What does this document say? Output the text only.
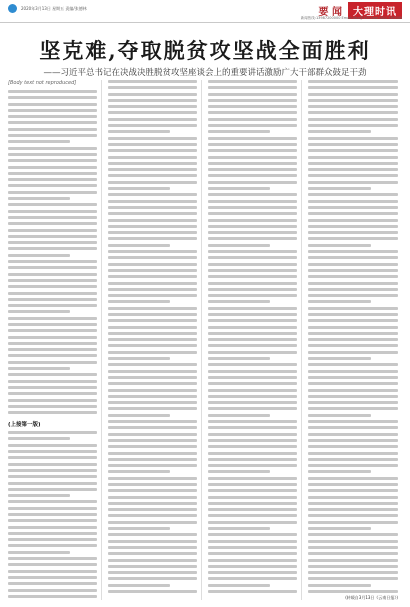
2020年3月13日 星期五 责编/张德林	要 闻	大理时讯
新闻热线:13987200000 Email:dlsx@163.com DALI SHIXUN
坚克难,夺取脱贫攻坚战全面胜利
——习近平总书记在决战决胜脱贫攻坚座谈会上的重要讲话激励广大干部群众鼓足干劲
[Body text not reproduced]
(上接第一版)
(转载自3月13日《云南日报》)
